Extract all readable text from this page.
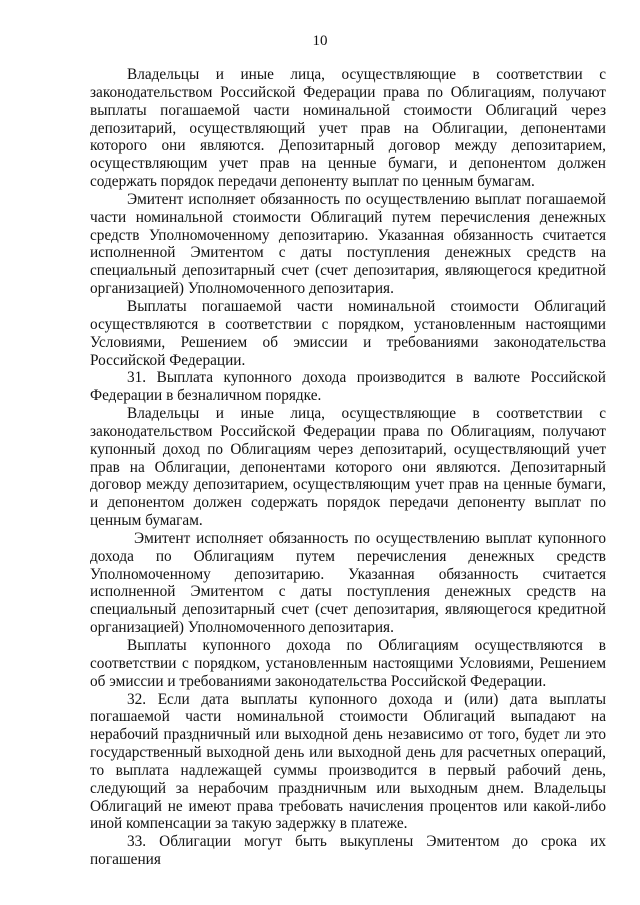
10

Владельцы и иные лица, осуществляющие в соответствии с законодательством Российской Федерации права по Облигациям, получают выплаты погашаемой части номинальной стоимости Облигаций через депозитарий, осуществляющий учет прав на Облигации, депонентами которого они являются. Депозитарный договор между депозитарием, осуществляющим учет прав на ценные бумаги, и депонентом должен содержать порядок передачи депоненту выплат по ценным бумагам.

Эмитент исполняет обязанность по осуществлению выплат погашаемой части номинальной стоимости Облигаций путем перечисления денежных средств Уполномоченному депозитарию. Указанная обязанность считается исполненной Эмитентом с даты поступления денежных средств на специальный депозитарный счет (счет депозитария, являющегося кредитной организацией) Уполномоченного депозитария.

Выплаты погашаемой части номинальной стоимости Облигаций осуществляются в соответствии с порядком, установленным настоящими Условиями, Решением об эмиссии и требованиями законодательства Российской Федерации.

31. Выплата купонного дохода производится в валюте Российской Федерации в безналичном порядке.

Владельцы и иные лица, осуществляющие в соответствии с законодательством Российской Федерации права по Облигациям, получают купонный доход по Облигациям через депозитарий, осуществляющий учет прав на Облигации, депонентами которого они являются. Депозитарный договор между депозитарием, осуществляющим учет прав на ценные бумаги, и депонентом должен содержать порядок передачи депоненту выплат по ценным бумагам.

Эмитент исполняет обязанность по осуществлению выплат купонного дохода по Облигациям путем перечисления денежных средств Уполномоченному депозитарию. Указанная обязанность считается исполненной Эмитентом с даты поступления денежных средств на специальный депозитарный счет (счет депозитария, являющегося кредитной организацией) Уполномоченного депозитария.

Выплаты купонного дохода по Облигациям осуществляются в соответствии с порядком, установленным настоящими Условиями, Решением об эмиссии и требованиями законодательства Российской Федерации.

32. Если дата выплаты купонного дохода и (или) дата выплаты погашаемой части номинальной стоимости Облигаций выпадают на нерабочий праздничный или выходной день независимо от того, будет ли это государственный выходной день или выходной день для расчетных операций, то выплата надлежащей суммы производится в первый рабочий день, следующий за нерабочим праздничным или выходным днем. Владельцы Облигаций не имеют права требовать начисления процентов или какой-либо иной компенсации за такую задержку в платеже.

33. Облигации могут быть выкуплены Эмитентом до срока их погашения
